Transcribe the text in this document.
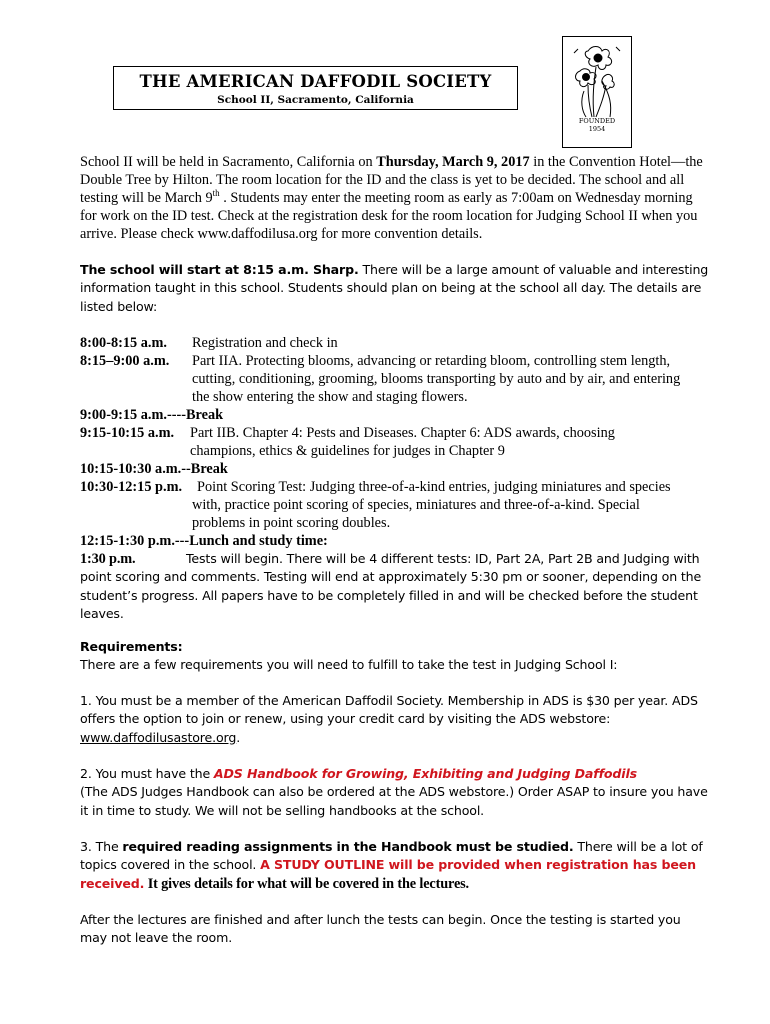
THE AMERICAN DAFFODIL SOCIETY
School II, Sacramento, California
FOUNDED
1954
School II will be held in Sacramento, California on Thursday, March 9, 2017 in the Convention Hotel—the Double Tree by Hilton. The room location for the ID and the class is yet to be decided. The school and all testing will be March 9th . Students may enter the meeting room as early as 7:00am on Wednesday morning for work on the ID test. Check at the registration desk for the room location for Judging School II when you arrive. Please check www.daffodilusa.org for more convention details.
The school will start at 8:15 a.m. Sharp. There will be a large amount of valuable and interesting information taught in this school. Students should plan on being at the school all day. The details are listed below:
8:00-8:15 a.m.	Registration and check in
8:15–9:00 a.m.	Part IIA. Protecting blooms, advancing or retarding bloom, controlling stem length,
cutting, conditioning, grooming, blooms transporting by auto and by air, and entering
the show entering the show and staging flowers.
9:00-9:15 a.m.----Break
9:15-10:15 a.m.	Part IIB. Chapter 4: Pests and Diseases. Chapter 6: ADS awards, choosing
champions, ethics & guidelines for judges in Chapter 9
10:15-10:30 a.m.--Break
10:30-12:15 p.m.	Point Scoring Test: Judging three-of-a-kind entries, judging miniatures and species
with, practice point scoring of species, miniatures and three-of-a-kind. Special
problems in point scoring doubles.
12:15-1:30 p.m.---Lunch and study time:
1:30 p.m.	Tests will begin. There will be 4 different tests: ID, Part 2A, Part 2B and Judging with point scoring and comments. Testing will end at approximately 5:30 pm or sooner, depending on the student’s progress. All papers have to be completely filled in and will be checked before the student leaves.
Requirements:
There are a few requirements you will need to fulfill to take the test in Judging School I:
1. You must be a member of the American Daffodil Society. Membership in ADS is $30 per year. ADS offers the option to join or renew, using your credit card by visiting the ADS webstore: www.daffodilusastore.org.
2. You must have the ADS Handbook for Growing, Exhibiting and Judging Daffodils
(The ADS Judges Handbook can also be ordered at the ADS webstore.) Order ASAP to insure you have it in time to study. We will not be selling handbooks at the school.
3. The required reading assignments in the Handbook must be studied. There will be a lot of topics covered in the school. A STUDY OUTLINE will be provided when registration has been received. It gives details for what will be covered in the lectures.
After the lectures are finished and after lunch the tests can begin. Once the testing is started you may not leave the room.
